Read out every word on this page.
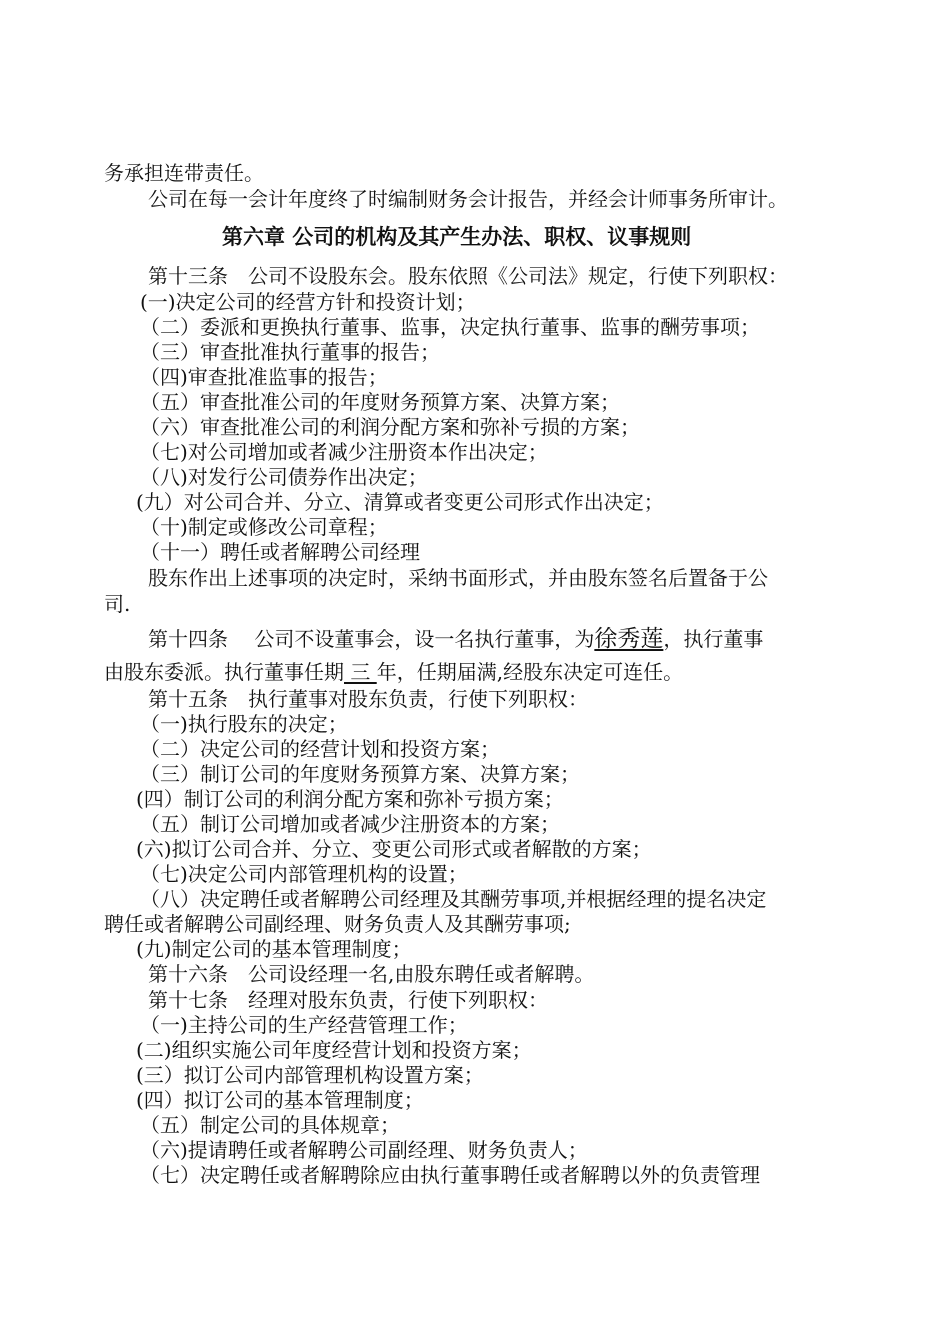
务承担连带责任。
公司在每一会计年度终了时编制财务会计报告，并经会计师事务所审计。
第六章 公司的机构及其产生办法、职权、议事规则
第十三条　公司不设股东会。股东依照《公司法》规定，行使下列职权：
(一)决定公司的经营方针和投资计划；
（二）委派和更换执行董事、监事，决定执行董事、监事的酬劳事项；
（三）审查批准执行董事的报告；
（四)审查批准监事的报告；
（五）审查批准公司的年度财务预算方案、决算方案；
（六）审查批准公司的利润分配方案和弥补亏损的方案；
（七)对公司增加或者减少注册资本作出决定；
（八)对发行公司债券作出决定；
(九）对公司合并、分立、清算或者变更公司形式作出决定；
（十)制定或修改公司章程；
（十一）聘任或者解聘公司经理
股东作出上述事项的决定时，采纳书面形式，并由股东签名后置备于公
司.
第十四条　 公司不设董事会，设一名执行董事，为徐秀莲，执行董事
由股东委派。执行董事任期 三 年，任期届满,经股东决定可连任。
第十五条　执行董事对股东负责，行使下列职权：
（一)执行股东的决定；
（二）决定公司的经营计划和投资方案；
（三）制订公司的年度财务预算方案、决算方案；
(四）制订公司的利润分配方案和弥补亏损方案；
（五）制订公司增加或者减少注册资本的方案；
(六)拟订公司合并、分立、变更公司形式或者解散的方案；
（七)决定公司内部管理机构的设置；
（八）决定聘任或者解聘公司经理及其酬劳事项,并根据经理的提名决定
聘任或者解聘公司副经理、财务负责人及其酬劳事项;
(九)制定公司的基本管理制度；
第十六条　公司设经理一名,由股东聘任或者解聘。
第十七条　经理对股东负责，行使下列职权：
（一)主持公司的生产经营管理工作；
(二)组织实施公司年度经营计划和投资方案；
(三）拟订公司内部管理机构设置方案；
(四）拟订公司的基本管理制度；
（五）制定公司的具体规章；
（六)提请聘任或者解聘公司副经理、财务负责人；
（七）决定聘任或者解聘除应由执行董事聘任或者解聘以外的负责管理
